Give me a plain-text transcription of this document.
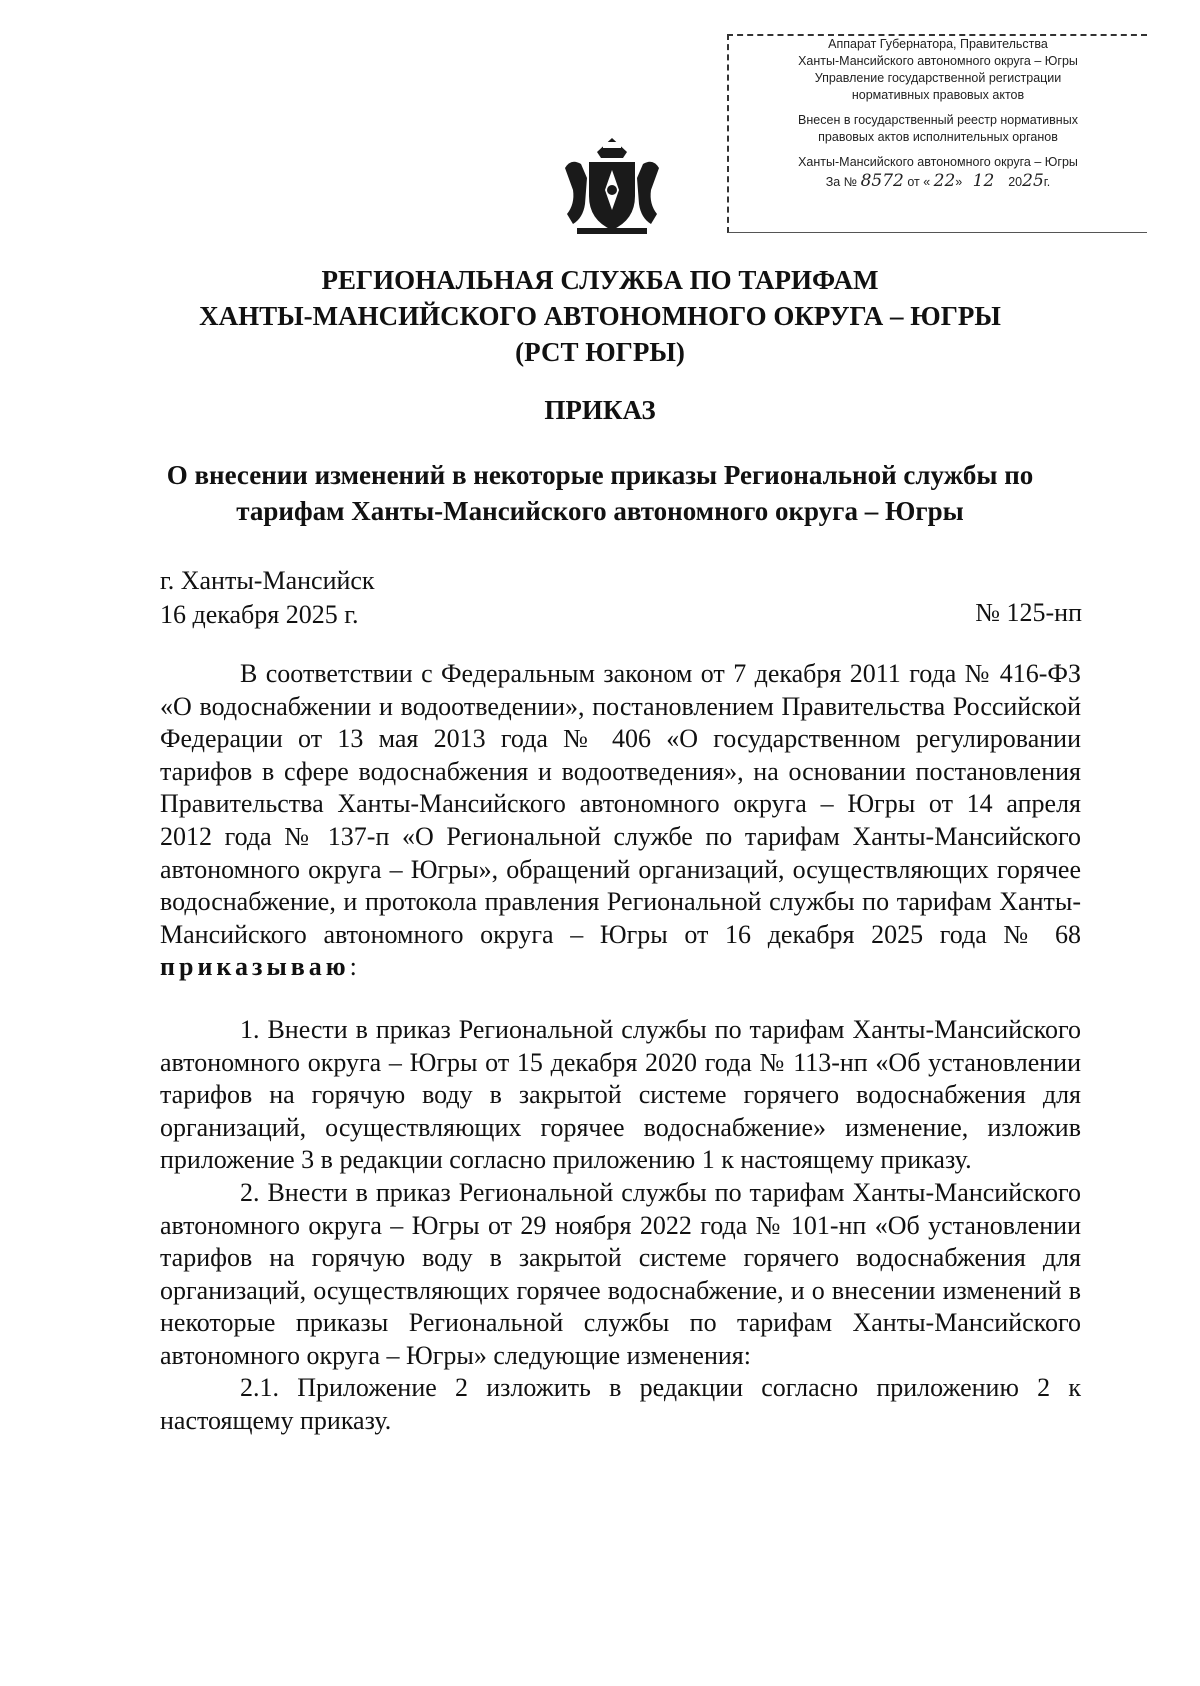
Аппарат Губернатора, Правительства
Ханты-Мансийского автономного округа – Югры
Управление государственной регистрации
нормативных правовых актов
Внесен в государственный реестр нормативных
правовых актов исполнительных органов
Ханты-Мансийского автономного округа – Югры
За № 8572 от « 22» 12 2025г.
РЕГИОНАЛЬНАЯ СЛУЖБА ПО ТАРИФАМ
ХАНТЫ-МАНСИЙСКОГО АВТОНОМНОГО ОКРУГА – ЮГРЫ
(РСТ ЮГРЫ)
ПРИКАЗ
О внесении изменений в некоторые приказы Региональной службы по
тарифам Ханты-Мансийского автономного округа – Югры
г. Ханты-Мансийск
16 декабря 2025 г.	№ 125-нп

В соответствии с Федеральным законом от 7 декабря 2011 года № 416-ФЗ «О водоснабжении и водоотведении», постановлением Правительства Российской Федерации от 13 мая 2013 года № 406 «О государственном регулировании тарифов в сфере водоснабжения и водоотведения», на основании постановления Правительства Ханты-Мансийского автономного округа – Югры от 14 апреля 2012 года № 137-п «О Региональной службе по тарифам Ханты-Мансийского автономного округа – Югры», обращений организаций, осуществляющих горячее водоснабжение, и протокола правления Региональной службы по тарифам Ханты-Мансийского автономного округа – Югры от 16 декабря 2025 года № 68 приказываю:

1. Внести в приказ Региональной службы по тарифам Ханты-Мансийского автономного округа – Югры от 15 декабря 2020 года № 113-нп «Об установлении тарифов на горячую воду в закрытой системе горячего водоснабжения для организаций, осуществляющих горячее водоснабжение» изменение, изложив приложение 3 в редакции согласно приложению 1 к настоящему приказу.

2. Внести в приказ Региональной службы по тарифам Ханты-Мансийского автономного округа – Югры от 29 ноября 2022 года № 101-нп «Об установлении тарифов на горячую воду в закрытой системе горячего водоснабжения для организаций, осуществляющих горячее водоснабжение, и о внесении изменений в некоторые приказы Региональной службы по тарифам Ханты-Мансийского автономного округа – Югры» следующие изменения:

2.1. Приложение 2 изложить в редакции согласно приложению 2 к настоящему приказу.
